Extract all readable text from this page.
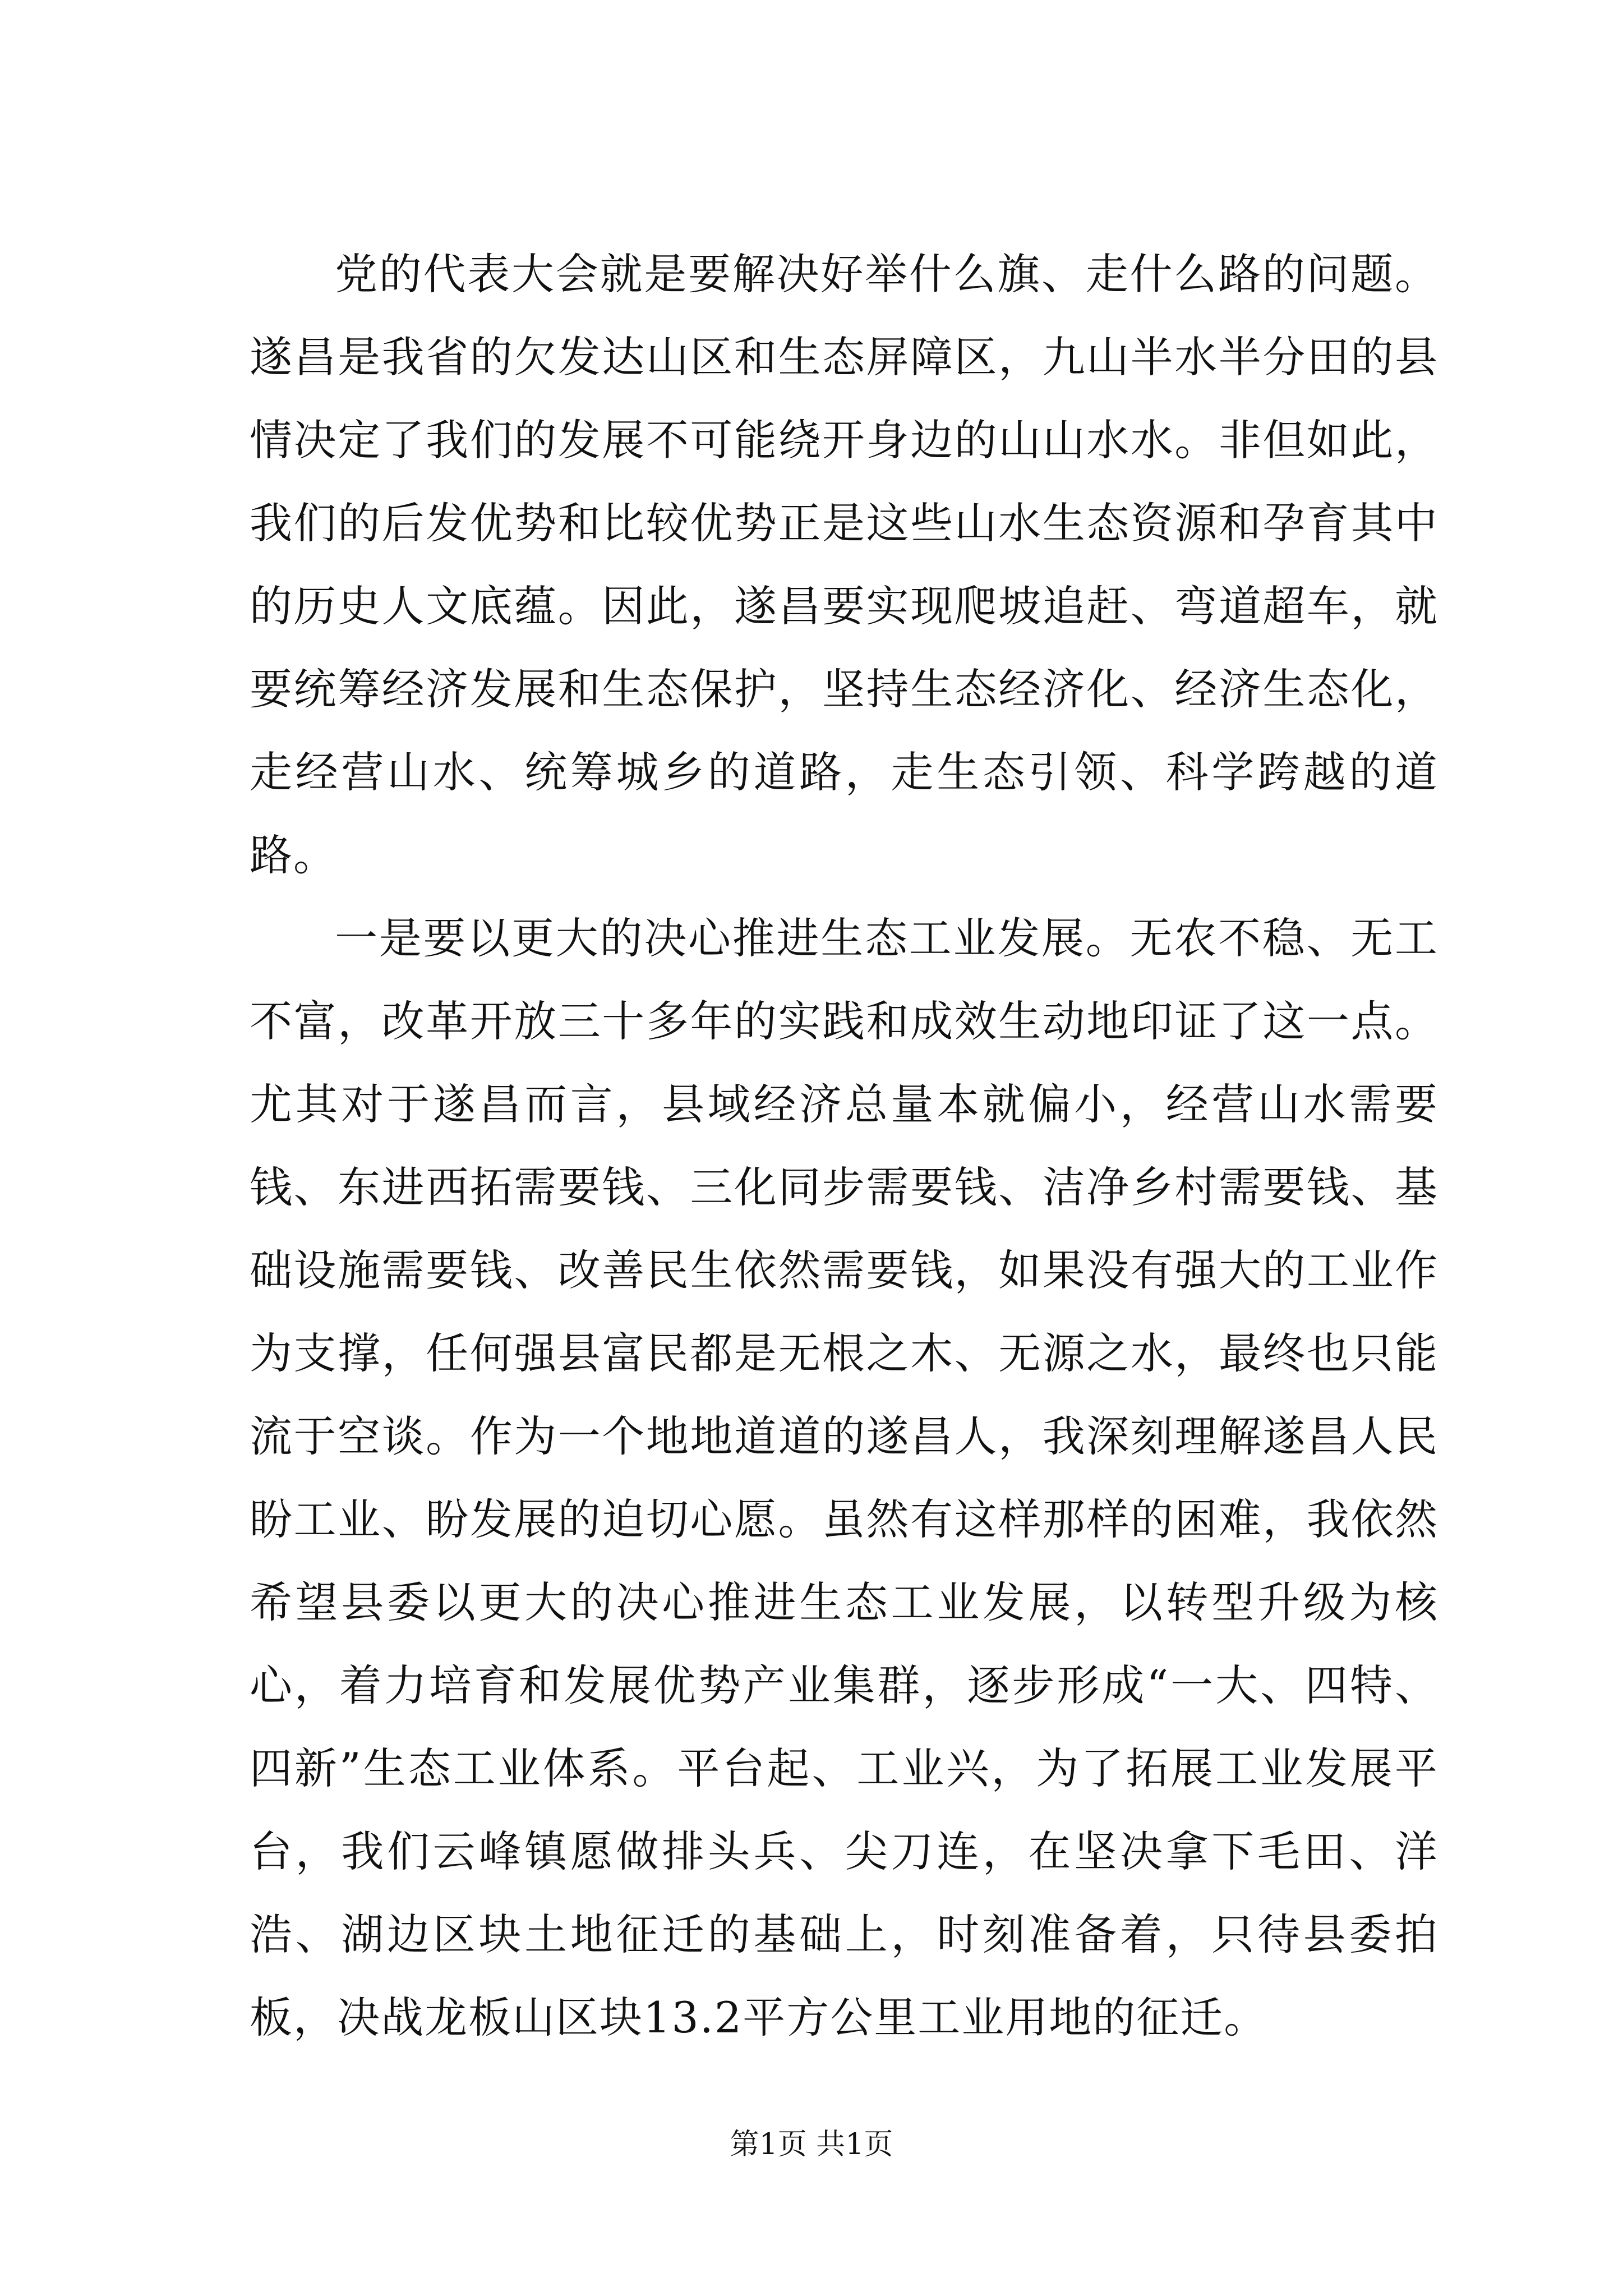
党的代表大会就是要解决好举什么旗、走什么路的问题。遂昌是我省的欠发达山区和生态屏障区，九山半水半分田的县情决定了我们的发展不可能绕开身边的山山水水。非但如此，我们的后发优势和比较优势正是这些山水生态资源和孕育其中的历史人文底蕴。因此，遂昌要实现爬坡追赶、弯道超车，就要统筹经济发展和生态保护，坚持生态经济化、经济生态化，走经营山水、统筹城乡的道路，走生态引领、科学跨越的道路。

一是要以更大的决心推进生态工业发展。无农不稳、无工不富，改革开放三十多年的实践和成效生动地印证了这一点。尤其对于遂昌而言，县域经济总量本就偏小，经营山水需要钱、东进西拓需要钱、三化同步需要钱、洁净乡村需要钱、基础设施需要钱、改善民生依然需要钱，如果没有强大的工业作为支撑，任何强县富民都是无根之木、无源之水，最终也只能流于空谈。作为一个地地道道的遂昌人，我深刻理解遂昌人民盼工业、盼发展的迫切心愿。虽然有这样那样的困难，我依然希望县委以更大的决心推进生态工业发展，以转型升级为核心，着力培育和发展优势产业集群，逐步形成“一大、四特、四新”生态工业体系。平台起、工业兴，为了拓展工业发展平台，我们云峰镇愿做排头兵、尖刀连，在坚决拿下毛田、洋浩、湖边区块土地征迁的基础上，时刻准备着，只待县委拍板，决战龙板山区块13.2平方公里工业用地的征迁。

第1页 共1页
